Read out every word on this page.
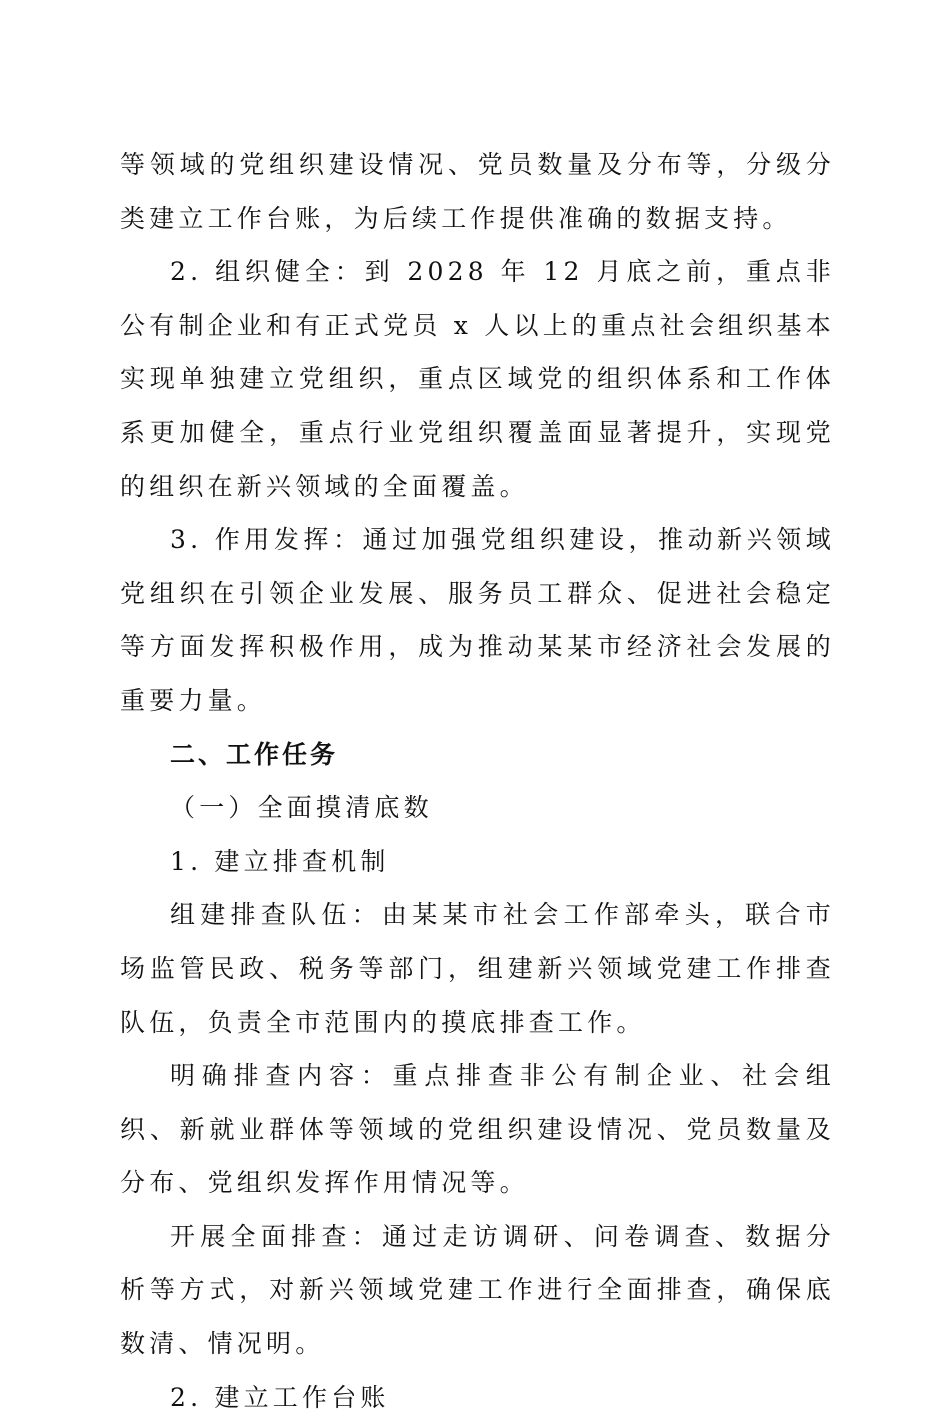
等领域的党组织建设情况、党员数量及分布等，分级分类建立工作台账，为后续工作提供准确的数据支持。

2. 组织健全：到 2028 年 12 月底之前，重点非公有制企业和有正式党员 x 人以上的重点社会组织基本实现单独建立党组织，重点区域党的组织体系和工作体系更加健全，重点行业党组织覆盖面显著提升，实现党的组织在新兴领域的全面覆盖。

3. 作用发挥：通过加强党组织建设，推动新兴领域党组织在引领企业发展、服务员工群众、促进社会稳定等方面发挥积极作用，成为推动某某市经济社会发展的重要力量。

二、工作任务

（一）全面摸清底数

1. 建立排查机制

组建排查队伍：由某某市社会工作部牵头，联合市场监管民政、税务等部门，组建新兴领域党建工作排查队伍，负责全市范围内的摸底排查工作。

明确排查内容：重点排查非公有制企业、社会组织、新就业群体等领域的党组织建设情况、党员数量及分布、党组织发挥作用情况等。

开展全面排查：通过走访调研、问卷调查、数据分析等方式，对新兴领域党建工作进行全面排查，确保底数清、情况明。

2. 建立工作台账
